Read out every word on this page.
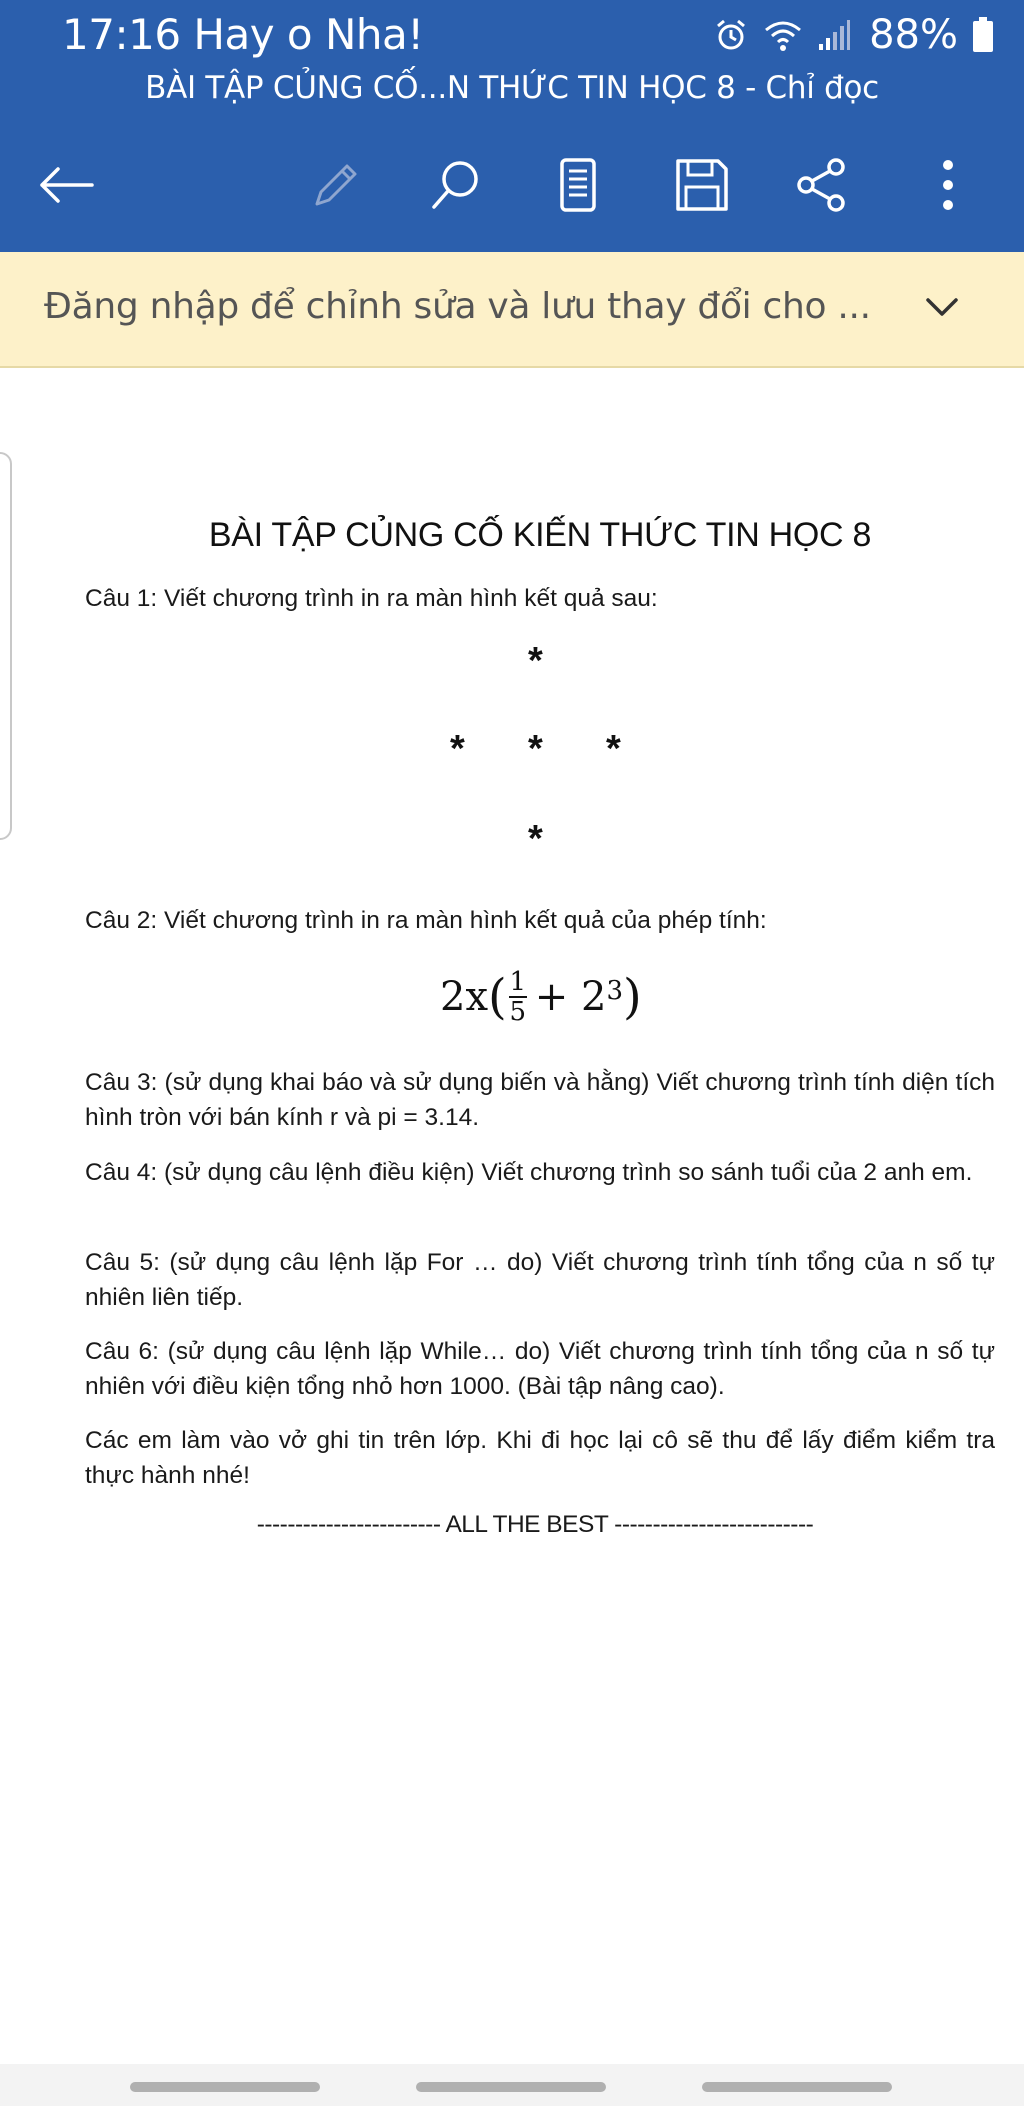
17:16 Hay o Nha!	88%
BÀI TẬP CỦNG CỐ...N THỨC TIN HỌC 8 - Chỉ đọc
Đăng nhập để chỉnh sửa và lưu thay đổi cho ...
BÀI TẬP CỦNG CỐ KIẾN THỨC TIN HỌC 8
Câu 1: Viết chương trình in ra màn hình kết quả sau:
*
* * *
*
Câu 2: Viết chương trình in ra màn hình kết quả của phép tính:
2x ( $\frac{1}{5} + 2^3$ )
Câu 3: (sử dụng khai báo và sử dụng biến và hằng) Viết chương trình tính diện tích hình tròn với bán kính r và pi = 3.14.
Câu 4: (sử dụng câu lệnh điều kiện) Viết chương trình so sánh tuổi của 2 anh em.
Câu 5: (sử dụng câu lệnh lặp For … do) Viết chương trình tính tổng của n số tự nhiên liên tiếp.
Câu 6: (sử dụng câu lệnh lặp While… do) Viết chương trình tính tổng của n số tự nhiên với điều kiện tổng nhỏ hơn 1000. (Bài tập nâng cao).
Các em làm vào vở ghi tin trên lớp. Khi đi học lại cô sẽ thu để lấy điểm kiểm tra thực hành nhé!
------------------------ ALL THE BEST --------------------------
